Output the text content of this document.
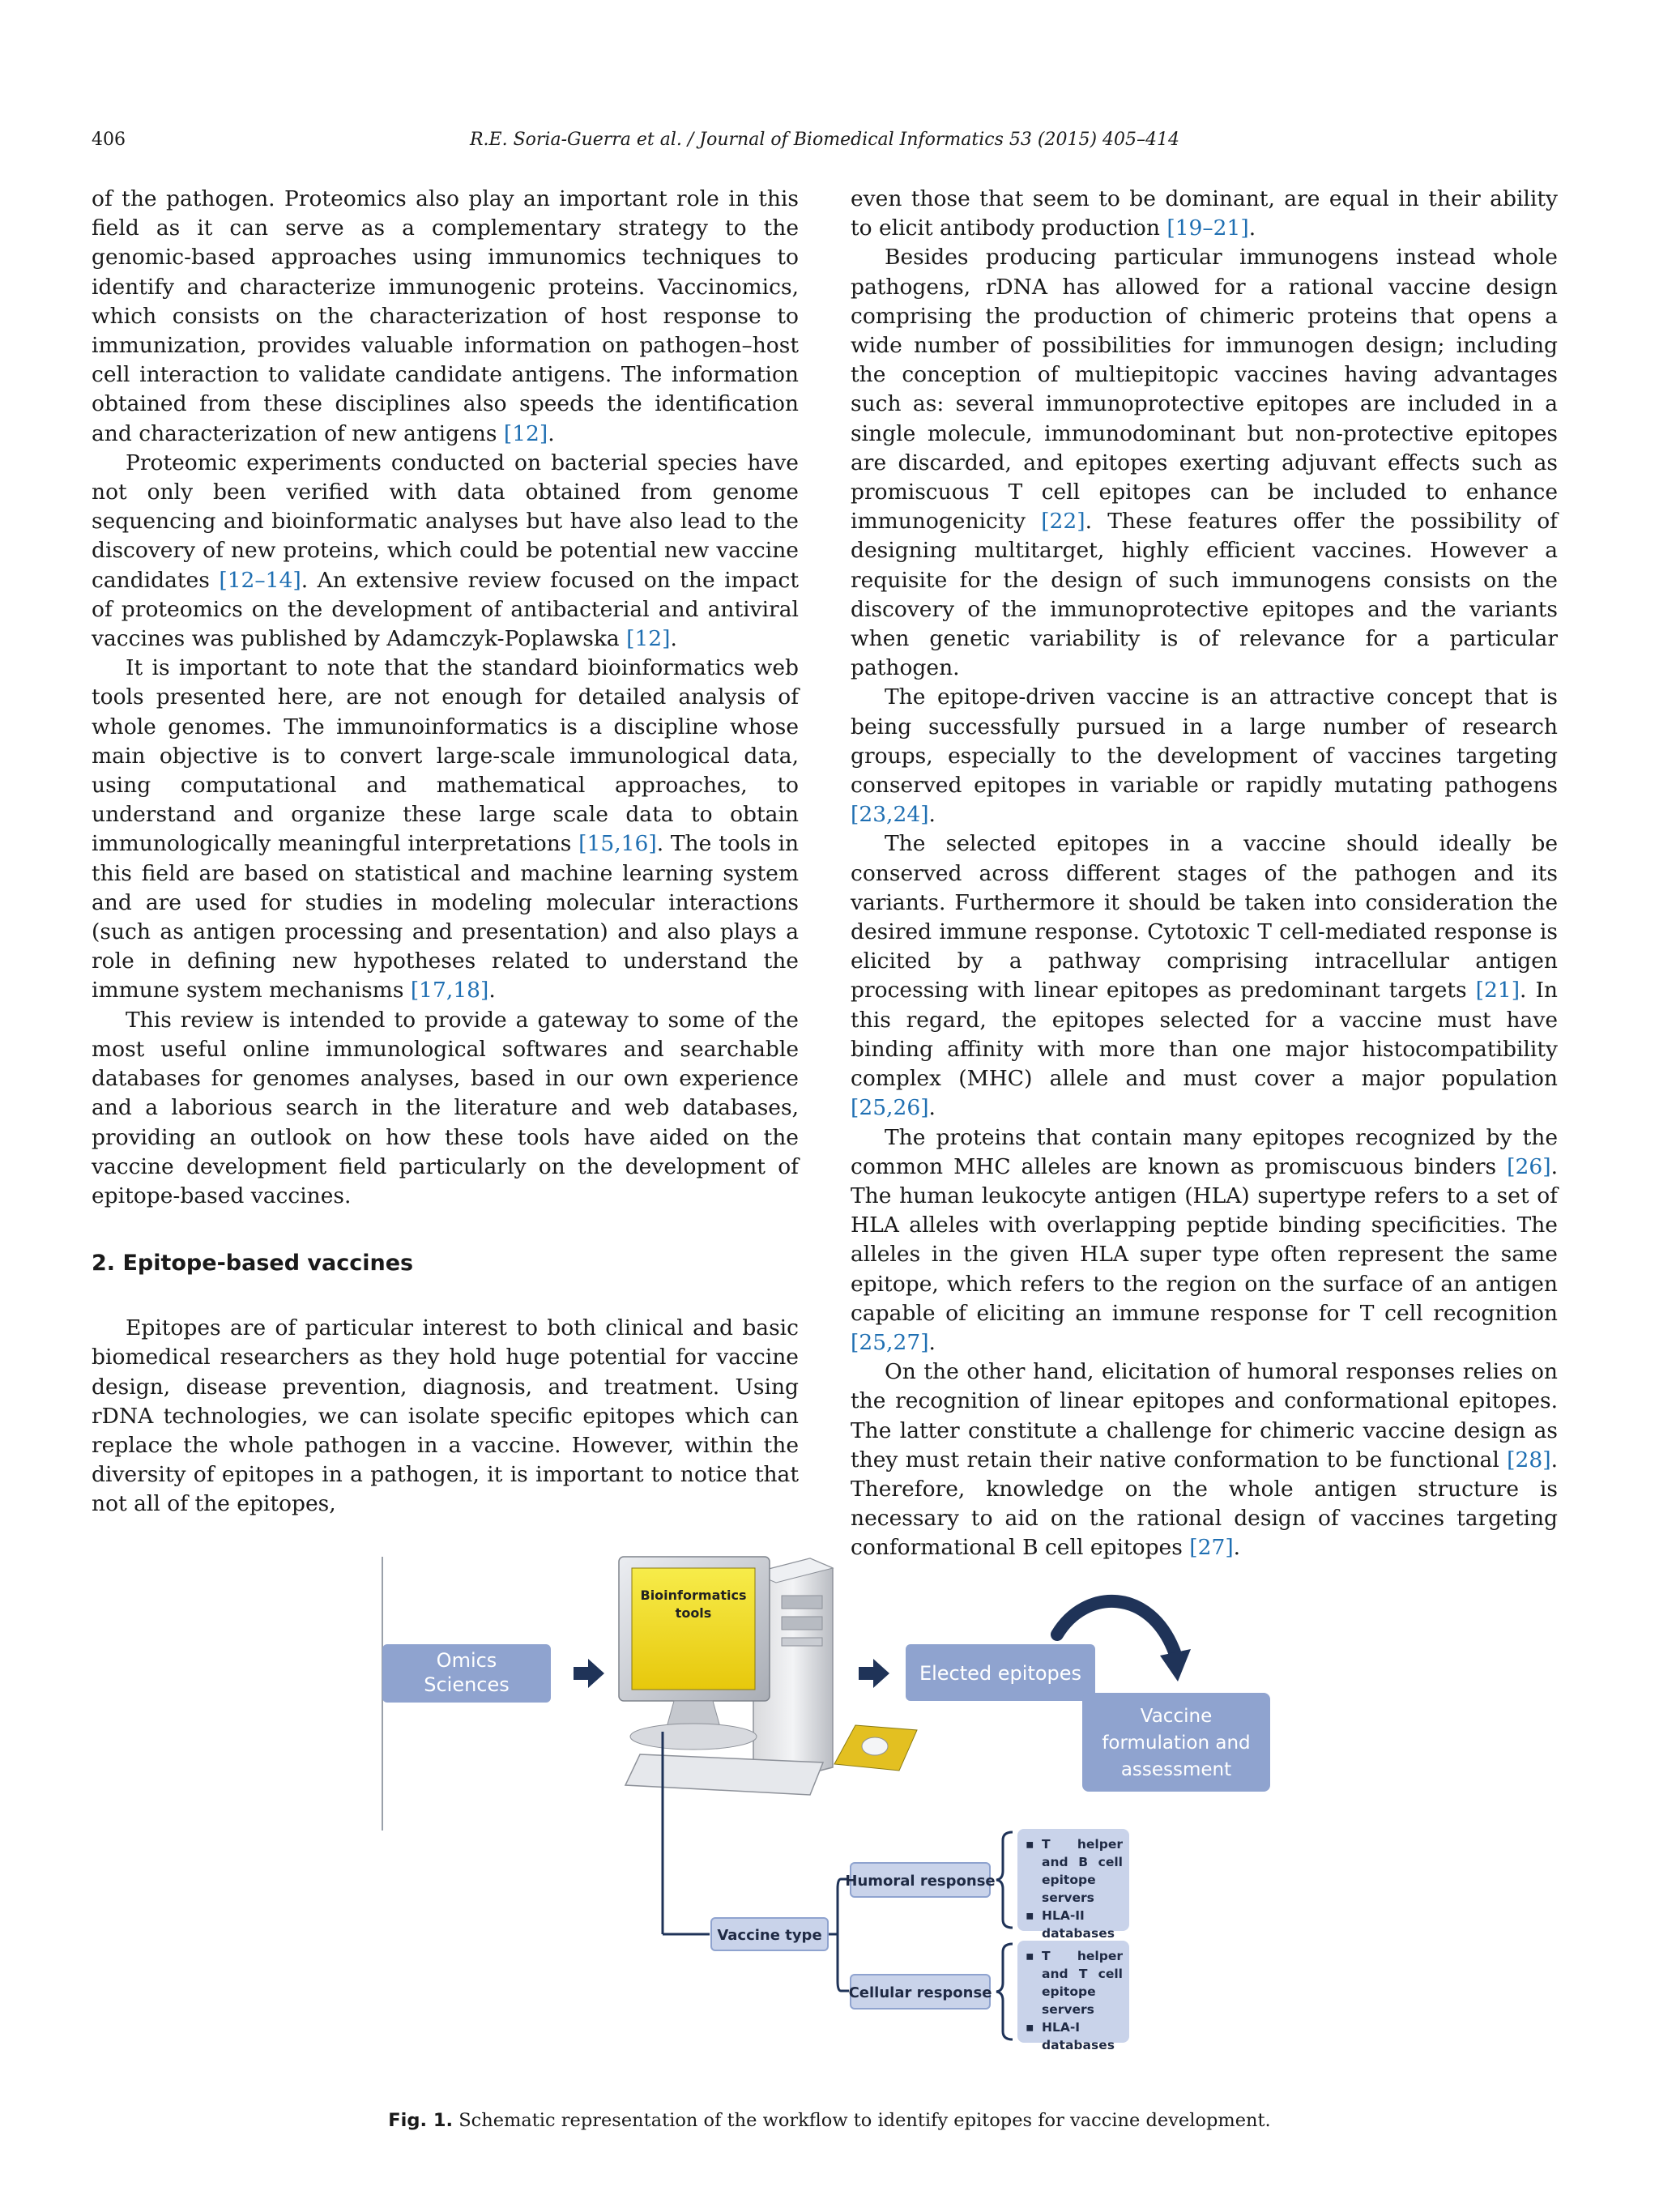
406	R.E. Soria-Guerra et al. / Journal of Biomedical Informatics 53 (2015) 405–414

of the pathogen. Proteomics also play an important role in this field as it can serve as a complementary strategy to the genomic-based approaches using immunomics techniques to identify and characterize immunogenic proteins. Vaccinomics, which consists on the characterization of host response to immunization, provides valuable information on pathogen–host cell interaction to validate candidate antigens. The information obtained from these disciplines also speeds the identification and characterization of new antigens [12].

Proteomic experiments conducted on bacterial species have not only been verified with data obtained from genome sequencing and bioinformatic analyses but have also lead to the discovery of new proteins, which could be potential new vaccine candidates [12–14]. An extensive review focused on the impact of proteomics on the development of antibacterial and antiviral vaccines was published by Adamczyk-Poplawska [12].

It is important to note that the standard bioinformatics web tools presented here, are not enough for detailed analysis of whole genomes. The immunoinformatics is a discipline whose main objective is to convert large-scale immunological data, using computational and mathematical approaches, to understand and organize these large scale data to obtain immunologically meaningful interpretations [15,16]. The tools in this field are based on statistical and machine learning system and are used for studies in modeling molecular interactions (such as antigen processing and presentation) and also plays a role in defining new hypotheses related to understand the immune system mechanisms [17,18].

This review is intended to provide a gateway to some of the most useful online immunological softwares and searchable databases for genomes analyses, based in our own experience and a laborious search in the literature and web databases, providing an outlook on how these tools have aided on the vaccine development field particularly on the development of epitope-based vaccines.

2. Epitope-based vaccines

Epitopes are of particular interest to both clinical and basic biomedical researchers as they hold huge potential for vaccine design, disease prevention, diagnosis, and treatment. Using rDNA technologies, we can isolate specific epitopes which can replace the whole pathogen in a vaccine. However, within the diversity of epitopes in a pathogen, it is important to notice that not all of the epitopes,

even those that seem to be dominant, are equal in their ability to elicit antibody production [19–21].

Besides producing particular immunogens instead whole pathogens, rDNA has allowed for a rational vaccine design comprising the production of chimeric proteins that opens a wide number of possibilities for immunogen design; including the conception of multiepitopic vaccines having advantages such as: several immunoprotective epitopes are included in a single molecule, immunodominant but non-protective epitopes are discarded, and epitopes exerting adjuvant effects such as promiscuous T cell epitopes can be included to enhance immunogenicity [22]. These features offer the possibility of designing multitarget, highly efficient vaccines. However a requisite for the design of such immunogens consists on the discovery of the immunoprotective epitopes and the variants when genetic variability is of relevance for a particular pathogen.

The epitope-driven vaccine is an attractive concept that is being successfully pursued in a large number of research groups, especially to the development of vaccines targeting conserved epitopes in variable or rapidly mutating pathogens [23,24].

The selected epitopes in a vaccine should ideally be conserved across different stages of the pathogen and its variants. Furthermore it should be taken into consideration the desired immune response. Cytotoxic T cell-mediated response is elicited by a pathway comprising intracellular antigen processing with linear epitopes as predominant targets [21]. In this regard, the epitopes selected for a vaccine must have binding affinity with more than one major histocompatibility complex (MHC) allele and must cover a major population [25,26].

The proteins that contain many epitopes recognized by the common MHC alleles are known as promiscuous binders [26]. The human leukocyte antigen (HLA) supertype refers to a set of HLA alleles with overlapping peptide binding specificities. The alleles in the given HLA super type often represent the same epitope, which refers to the region on the surface of an antigen capable of eliciting an immune response for T cell recognition [25,27].

On the other hand, elicitation of humoral responses relies on the recognition of linear epitopes and conformational epitopes. The latter constitute a challenge for chimeric vaccine design as they must retain their native conformation to be functional [28]. Therefore, knowledge on the whole antigen structure is necessary to aid on the rational design of vaccines targeting conformational B cell epitopes [27].

Omics
Sciences
Bioinformatics
tools
Elected epitopes
Vaccine
formulation and
assessment
Vaccine type
Humoral response
Cellular response
▪ T helper and B cell epitope servers
▪ HLA-II databases
▪ T helper and T cell epitope servers
▪ HLA-I databases
Fig. 1. Schematic representation of the workflow to identify epitopes for vaccine development.
